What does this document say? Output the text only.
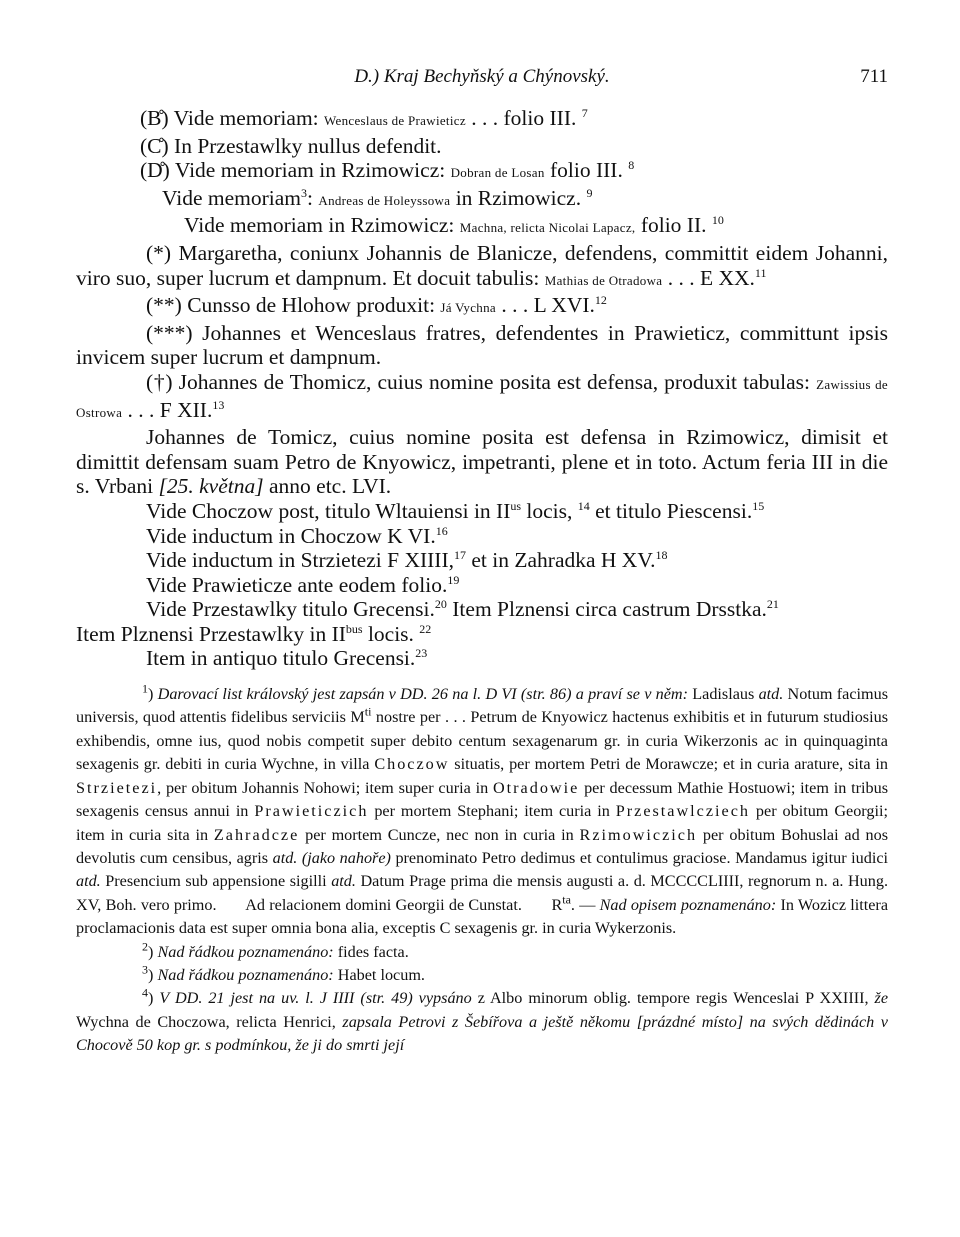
D.) Kraj Bechyňský a Chýnovský.	711

(B̊) Vide memoriam: Wenceslaus de Prawieticz . . . folio III. $^7$

(C̊) In Przestawlky nullus defendit.

(D̊) Vide memoriam in Rzimowicz: Dobran de Losan folio III. $^8$

Vide memoriam$^3$: Andreas de Holeyssowa in Rzimowicz. $^9$

Vide memoriam in Rzimowicz: Machna, relicta Nicolai Lapacz, folio II. $^{10}$

(*) Margaretha, coniunx Johannis de Blanicze, defendens, committit eidem Johanni, viro suo, super lucrum et dampnum. Et docuit tabulis: Mathias de Otradowa . . . E XX.$^{11}$

(**) Cunsso de Hlohow produxit: Já Vychna . . . L XVI.$^{12}$

(***) Johannes et Wenceslaus fratres, defendentes in Prawieticz, committunt ipsis invicem super lucrum et dampnum.

(†) Johannes de Thomicz, cuius nomine posita est defensa, produxit tabulas: Zawissius de Ostrowa . . . F XII.$^{13}$

Johannes de Tomicz, cuius nomine posita est defensa in Rzimowicz, dimisit et dimittit defensam suam Petro de Knyowicz, impetranti, plene et in toto. Actum feria III in die s. Vrbani [25. května] anno etc. LVI.

Vide Choczow post, titulo Wltauiensi in $II^{us}$ locis, $^{14}$ et titulo Piescensi.$^{15}$

Vide inductum in Choczow K VI.$^{16}$

Vide inductum in Strzietezi F XIIII,$^{17}$ et in Zahradka H XV.$^{18}$

Vide Prawieticze ante eodem folio.$^{19}$

Vide Przestawlky titulo Grecensi.$^{20}$ Item Plznensi circa castrum Drsstka.$^{21}$

Item Plznensi Przestawlky in $II^{bus}$ locis. $^{22}$

Item in antiquo titulo Grecensi.$^{23}$

$^1$) Darovací list královský jest zapsán v DD. 26 na l. D VI (str. 86) a praví se v něm: Ladislaus atd. Notum facimus universis, quod attentis fidelibus serviciis $M^{ti}$ nostre per . . . Petrum de Knyowicz hactenus exhibitis et in futurum studiosius exhibendis, omne ius, quod nobis competit super debito centum sexagenarum gr. in curia Wikerzonis ac in quinquaginta sexagenis gr. debiti in curia Wychne, in villa Choczow situatis, per mortem Petri de Morawcze; et in curia arature, sita in Strzietezi, per obitum Johannis Nohowi; item super curia in Otradowie per decessum Mathie Hostuowi; item in tribus sexagenis census annui in Prawieticzich per mortem Stephani; item curia in Przestawlcziech per obitum Georgii; item in curia sita in Zahradcze per mortem Cuncze, nec non in curia in Rzimowiczich per obitum Bohuslai ad nos devolutis cum censibus, agris atd. (jako nahoře) prenominato Petro dedimus et contulimus graciose. Mandamus igitur iudici atd. Presencium sub appensione sigilli atd. Datum Prage prima die mensis augusti a. d. MCCCCLIIII, regnorum n. a. Hung. XV, Boh. vero primo.       Ad relacionem domini Georgii de Cunstat.       $R^{ta}$. — Nad opisem poznamenáno: In Wozicz littera proclamacionis data est super omnia bona alia, exceptis C sexagenis gr. in curia Wykerzonis.

$^2$) Nad řádkou poznamenáno: fides facta.

$^3$) Nad řádkou poznamenáno: Habet locum.

$^4$) V DD. 21 jest na uv. l. J IIII (str. 49) vypsáno z Albo minorum oblig. tempore regis Wenceslai P XXIIII, že Wychna de Choczowa, relicta Henrici, zapsala Petrovi z Šebířova a ještě někomu [prázdné místo] na svých dědinách v Chocově 50 kop gr. s podmínkou, že ji do smrti její
